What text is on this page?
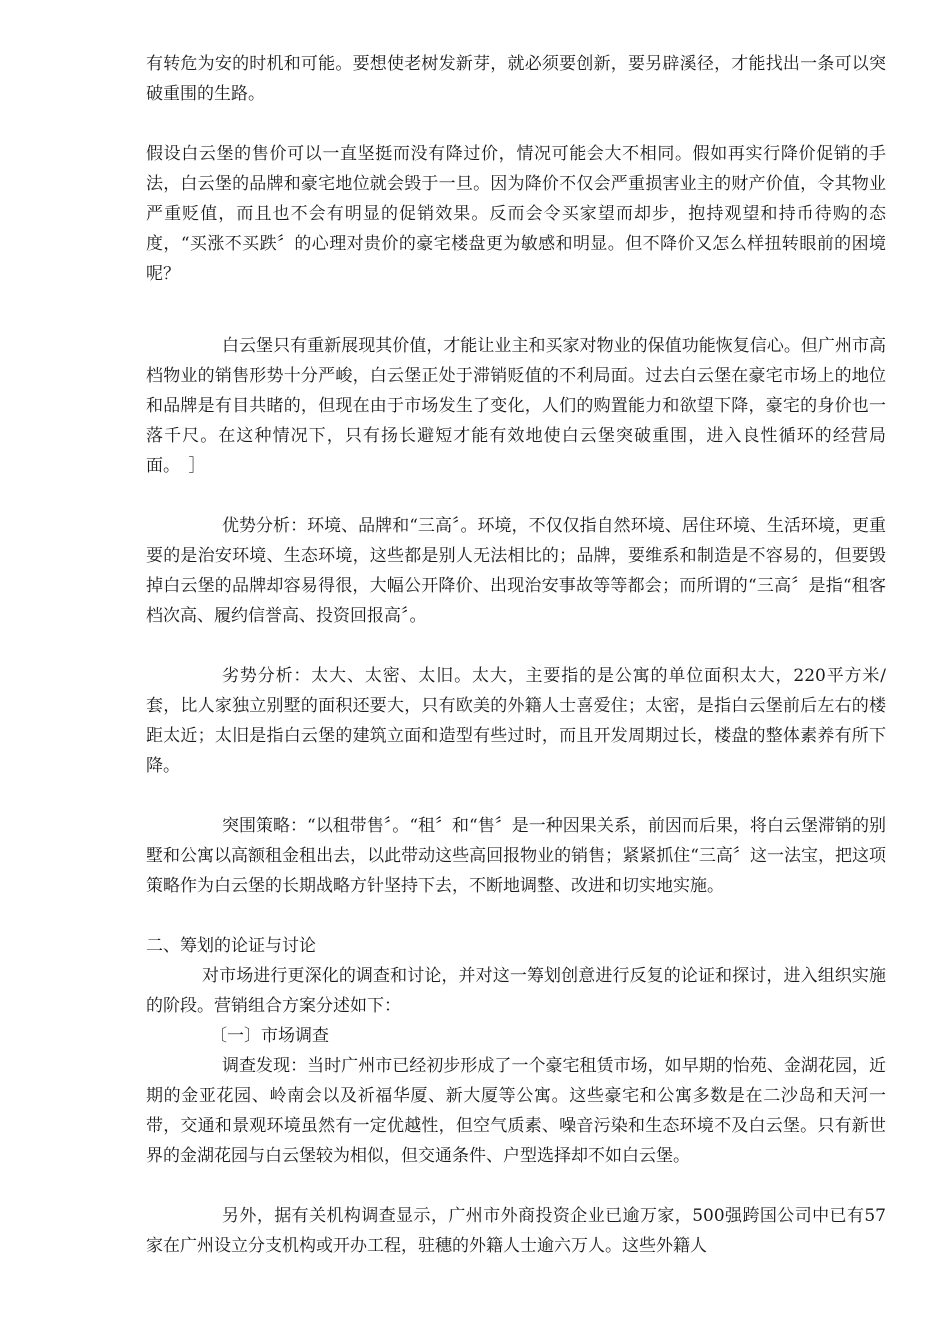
有转危为安的时机和可能。要想使老树发新芽，就必须要创新，要另辟溪径，才能找出一条可以突破重围的生路。

假设白云堡的售价可以一直坚挺而没有降过价，情况可能会大不相同。假如再实行降价促销的手法，白云堡的品牌和豪宅地位就会毁于一旦。因为降价不仅会严重损害业主的财产价值，令其物业严重贬值，而且也不会有明显的促销效果。反而会令买家望而却步，抱持观望和持币待购的态度，“买涨不买跌〞的心理对贵价的豪宅楼盘更为敏感和明显。但不降价又怎么样扭转眼前的困境呢？

白云堡只有重新展现其价值，才能让业主和买家对物业的保值功能恢复信心。但广州市高档物业的销售形势十分严峻，白云堡正处于滞销贬值的不利局面。过去白云堡在豪宅市场上的地位和品牌是有目共睹的，但现在由于市场发生了变化，人们的购置能力和欲望下降，豪宅的身价也一落千尺。在这种情况下，只有扬长避短才能有效地使白云堡突破重围，进入良性循环的经营局面。　］

优势分析：环境、品牌和“三高〞。环境，不仅仅指自然环境、居住环境、生活环境，更重要的是治安环境、生态环境，这些都是别人无法相比的；品牌，要维系和制造是不容易的，但要毁掉白云堡的品牌却容易得很，大幅公开降价、出现治安事故等等都会；而所谓的“三高〞是指“租客档次高、履约信誉高、投资回报高〞。

劣势分析：太大、太密、太旧。太大，主要指的是公寓的单位面积太大，220平方米/套，比人家独立别墅的面积还要大，只有欧美的外籍人士喜爱住；太密，是指白云堡前后左右的楼距太近；太旧是指白云堡的建筑立面和造型有些过时，而且开发周期过长，楼盘的整体素养有所下降。

突围策略：“以租带售〞。“租〞和“售〞是一种因果关系，前因而后果，将白云堡滞销的别墅和公寓以高额租金租出去，以此带动这些高回报物业的销售；紧紧抓住“三高〞这一法宝，把这项策略作为白云堡的长期战略方针坚持下去，不断地调整、改进和切实地实施。

二、筹划的论证与讨论

对市场进行更深化的调查和讨论，并对这一筹划创意进行反复的论证和探讨，进入组织实施的阶段。营销组合方案分述如下：

〔一〕市场调查

调查发现：当时广州市已经初步形成了一个豪宅租赁市场，如早期的怡苑、金湖花园，近期的金亚花园、岭南会以及祈福华厦、新大厦等公寓。这些豪宅和公寓多数是在二沙岛和天河一带，交通和景观环境虽然有一定优越性，但空气质素、噪音污染和生态环境不及白云堡。只有新世界的金湖花园与白云堡较为相似，但交通条件、户型选择却不如白云堡。

另外，据有关机构调查显示，广州市外商投资企业已逾万家，500强跨国公司中已有57家在广州设立分支机构或开办工程，驻穗的外籍人士逾六万人。这些外籍人
